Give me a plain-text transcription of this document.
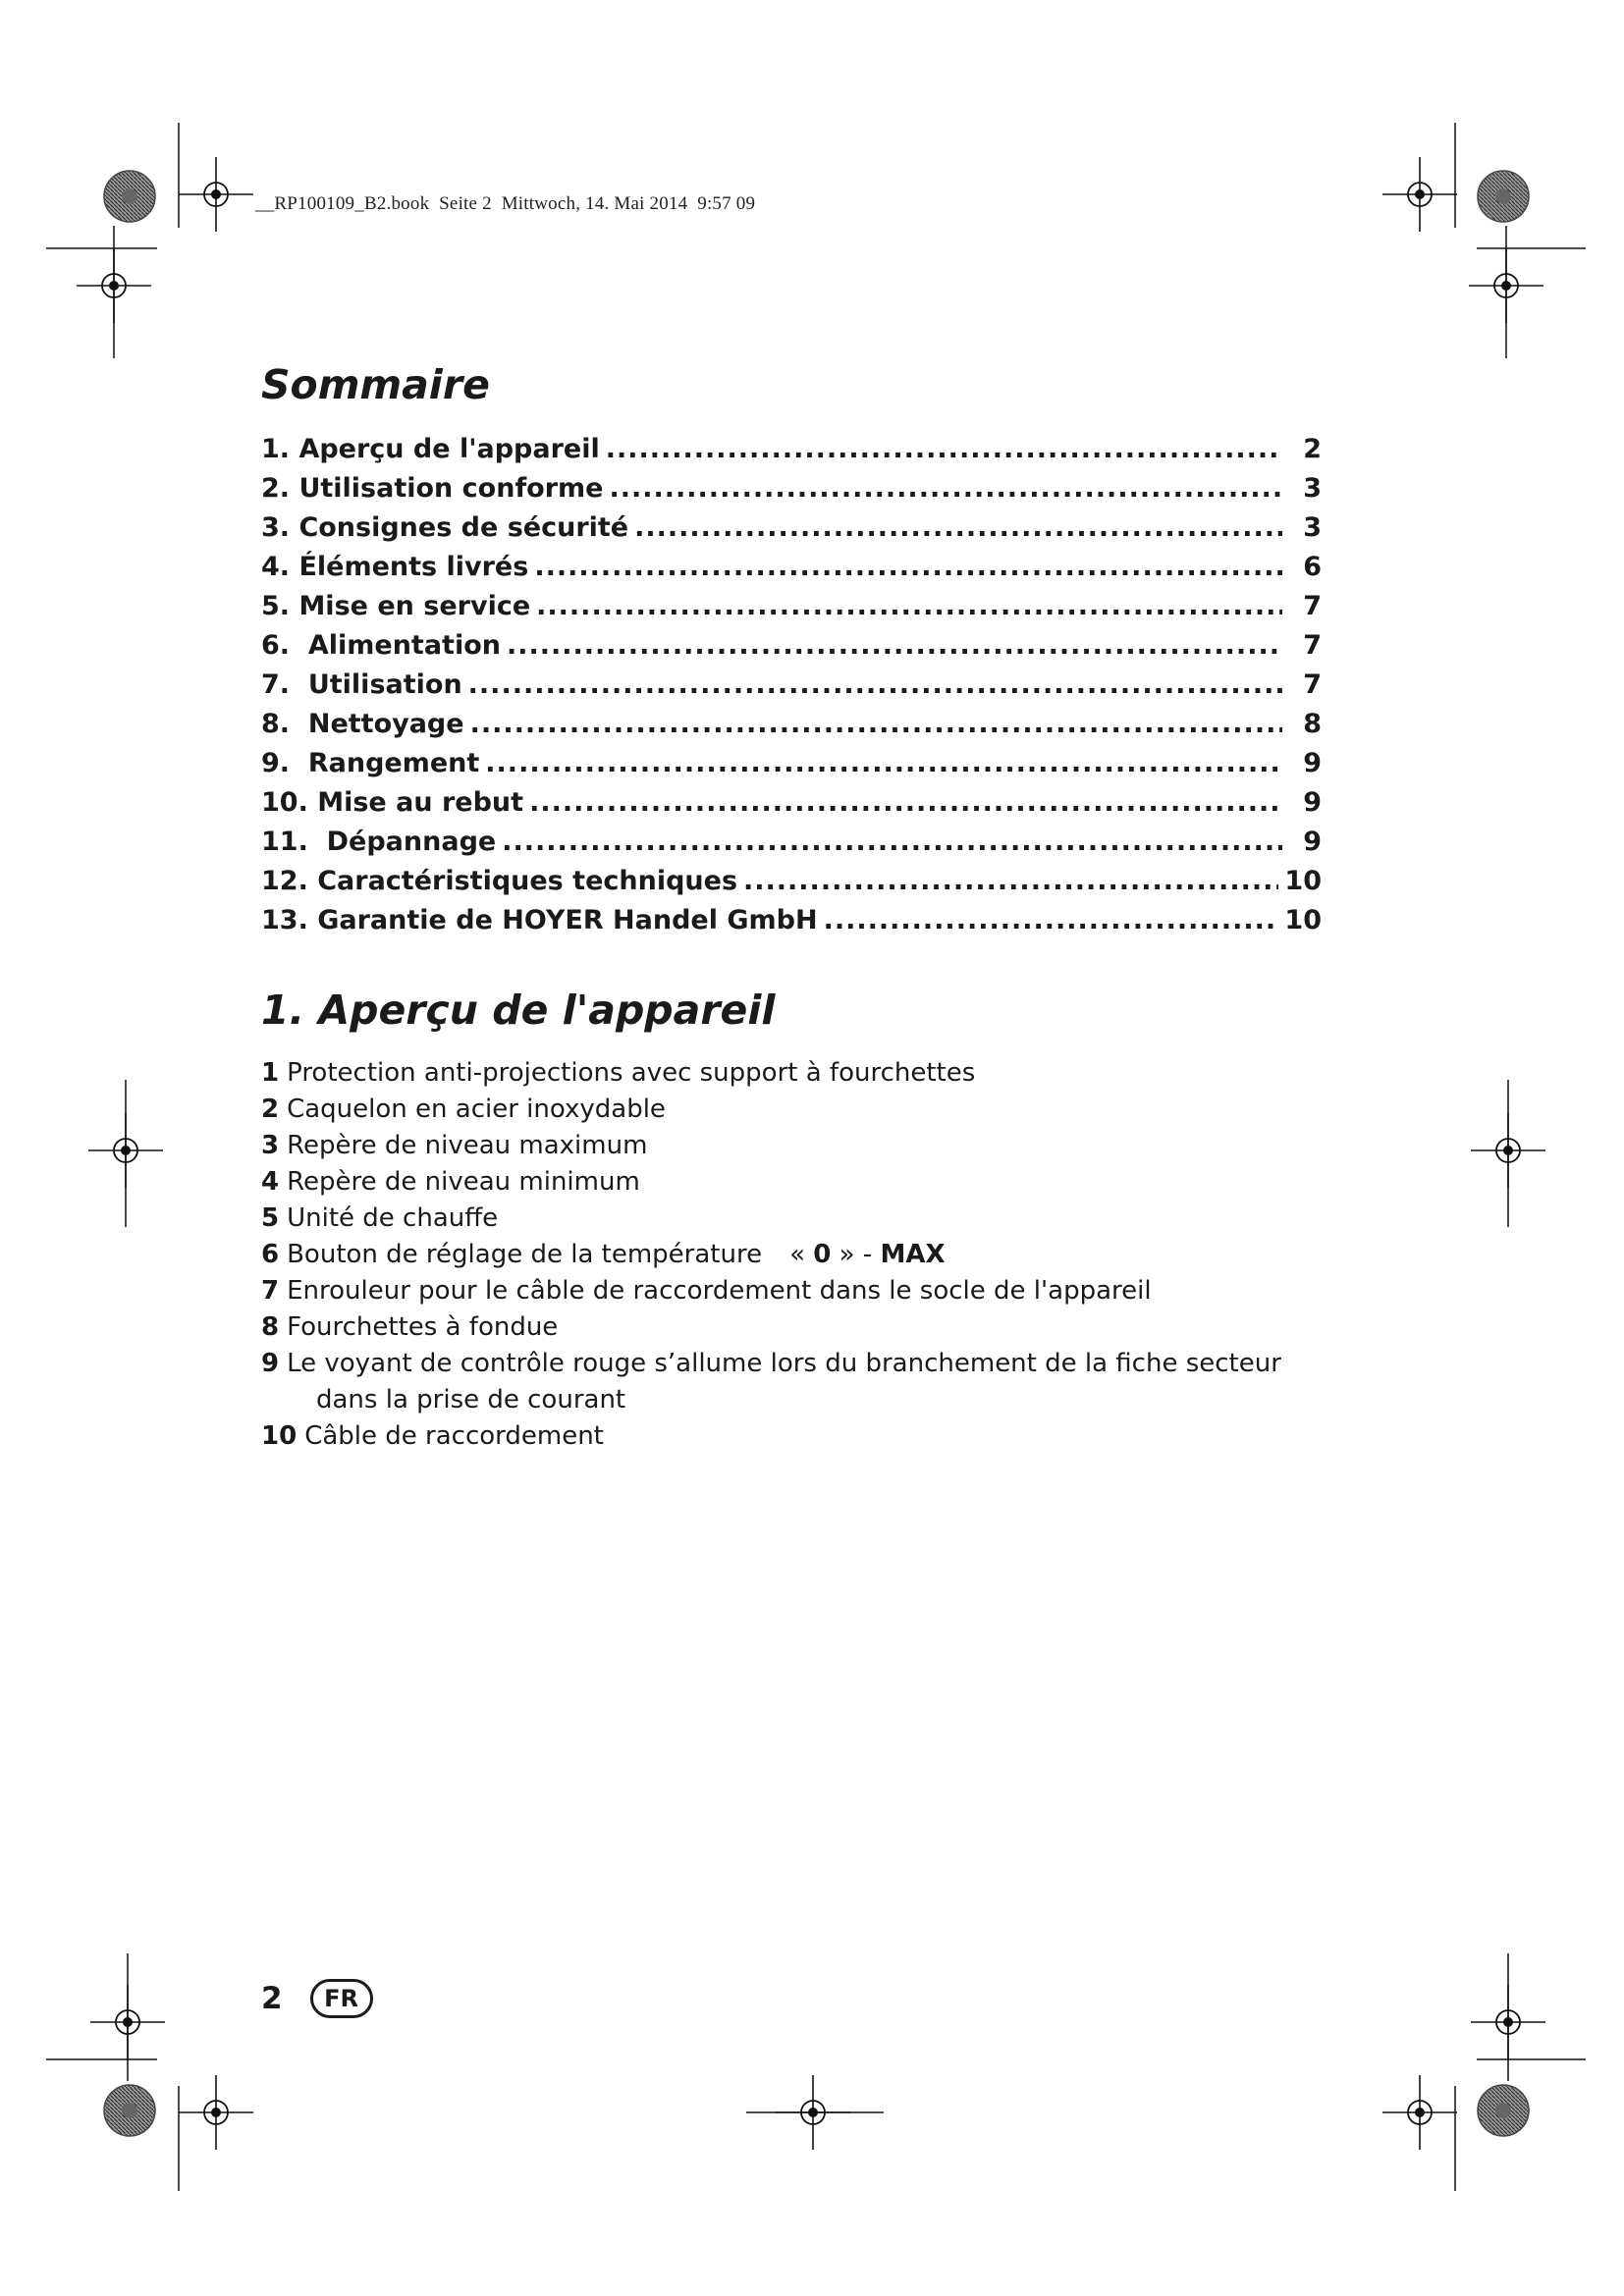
__RP100109_B2.book  Seite 2  Mittwoch, 14. Mai 2014  9:57 09
Sommaire
1. Aperçu de l'appareil .....	2
2. Utilisation conforme .....	3
3. Consignes de sécurité .....	3
4. Éléments livrés .....	6
5. Mise en service .....	7
6.  Alimentation .....	7
7.  Utilisation .....	7
8.  Nettoyage .....	8
9.  Rangement .....	9
10. Mise au rebut .....	9
11.  Dépannage .....	9
12. Caractéristiques techniques .....	10
13. Garantie de HOYER Handel GmbH .....	10
1. Aperçu de l'appareil
1 Protection anti-projections avec support à fourchettes
2 Caquelon en acier inoxydable
3 Repère de niveau maximum
4 Repère de niveau minimum
5 Unité de chauffe
6 Bouton de réglage de la température « 0 » - MAX
7 Enrouleur pour le câble de raccordement dans le socle de l'appareil
8 Fourchettes à fondue
9 Le voyant de contrôle rouge s’allume lors du branchement de la fiche secteur dans la prise de courant
10 Câble de raccordement
2	FR
